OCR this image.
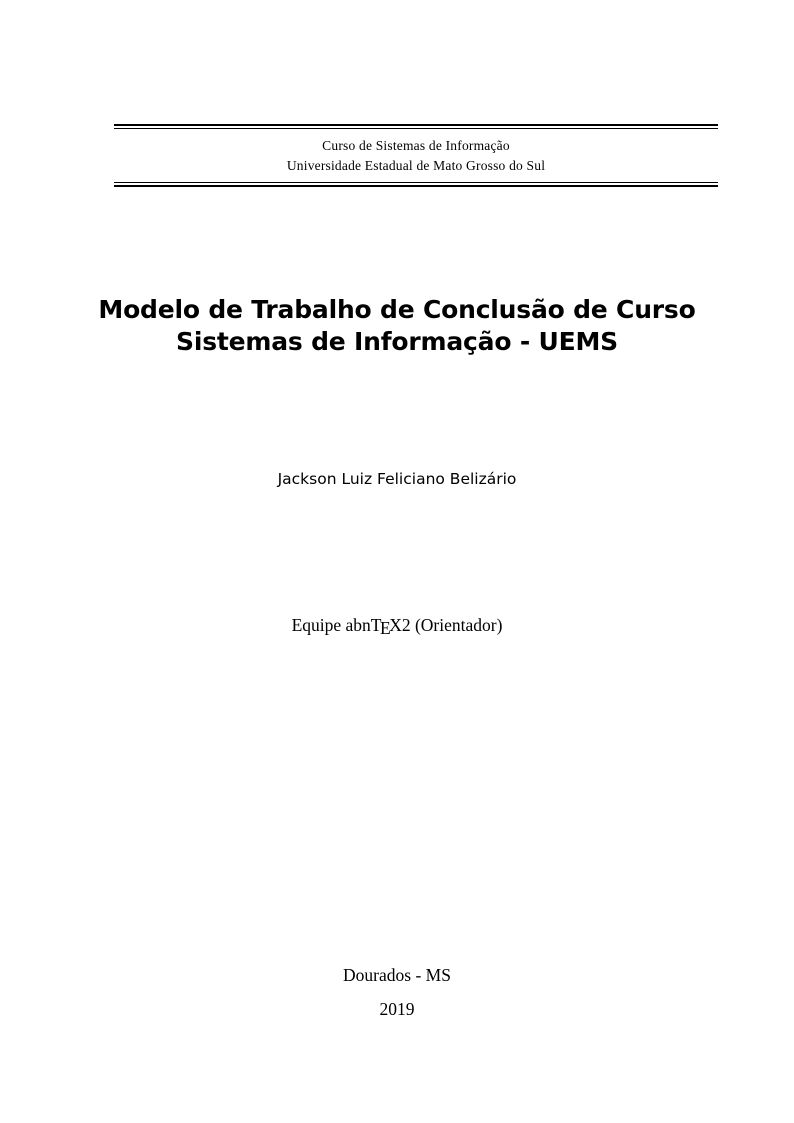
Curso de Sistemas de Informação
Universidade Estadual de Mato Grosso do Sul
Modelo de Trabalho de Conclusão de Curso
Sistemas de Informação - UEMS
Jackson Luiz Feliciano Belizário
Equipe abnTEX2 (Orientador)
Dourados - MS
2019
